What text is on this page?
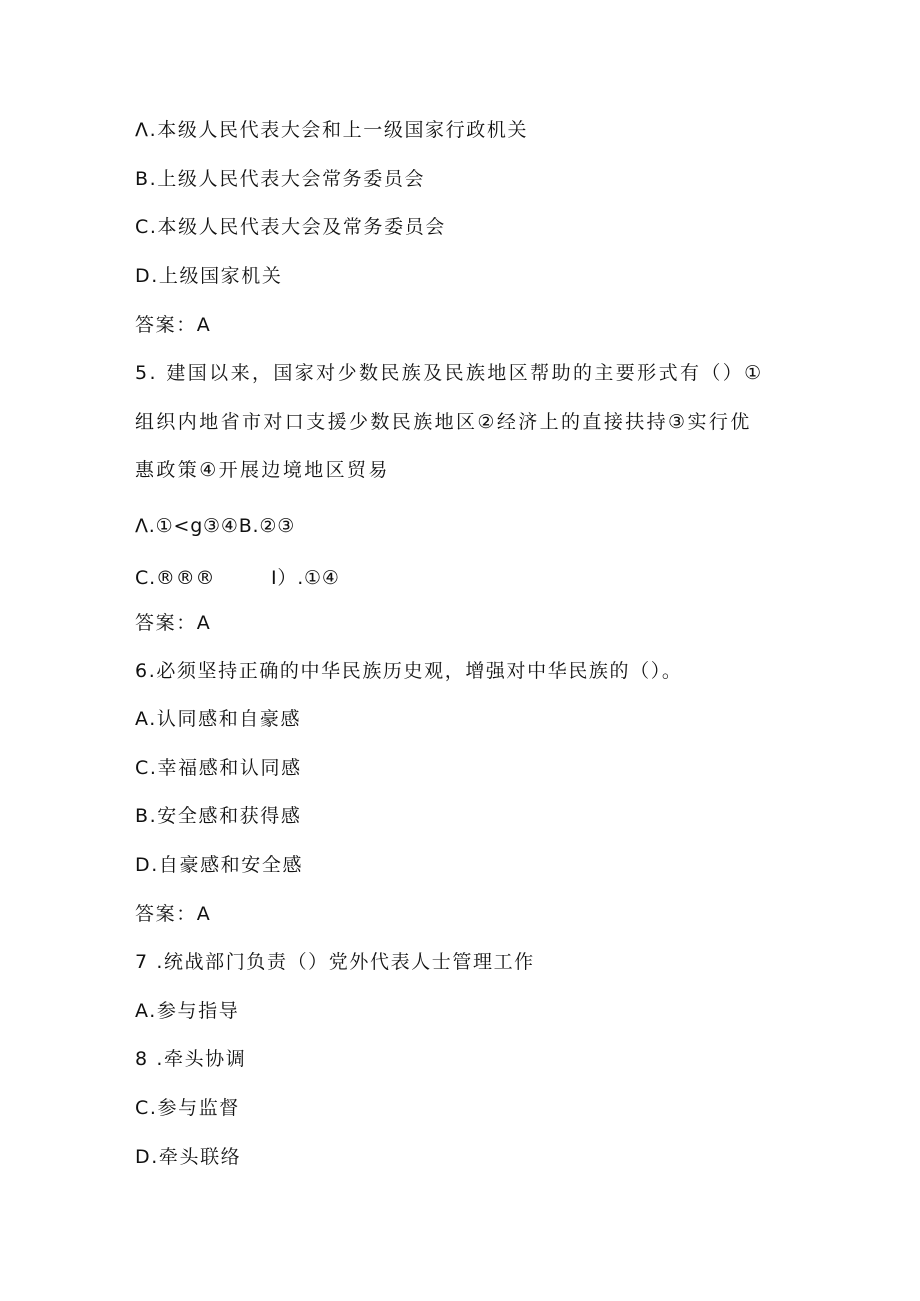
Λ.本级人民代表大会和上一级国家行政机关
B.上级人民代表大会常务委员会
C.本级人民代表大会及常务委员会
D.上级国家机关
答案：A
5. 建国以来，国家对少数民族及民族地区帮助的主要形式有（）①
组织内地省市对口支援少数民族地区②经济上的直接扶持③实行优
惠政策④开展边境地区贸易
Λ.①<g③④B.②③
C.®®®	I）.①④
答案：A
6.必须坚持正确的中华民族历史观，增强对中华民族的（）。
A.认同感和自豪感
C.幸福感和认同感
B.安全感和获得感
D.自豪感和安全感
答案：A
7 .统战部门负责（）党外代表人士管理工作
A.参与指导
8 .牵头协调
C.参与监督
D.牵头联络
